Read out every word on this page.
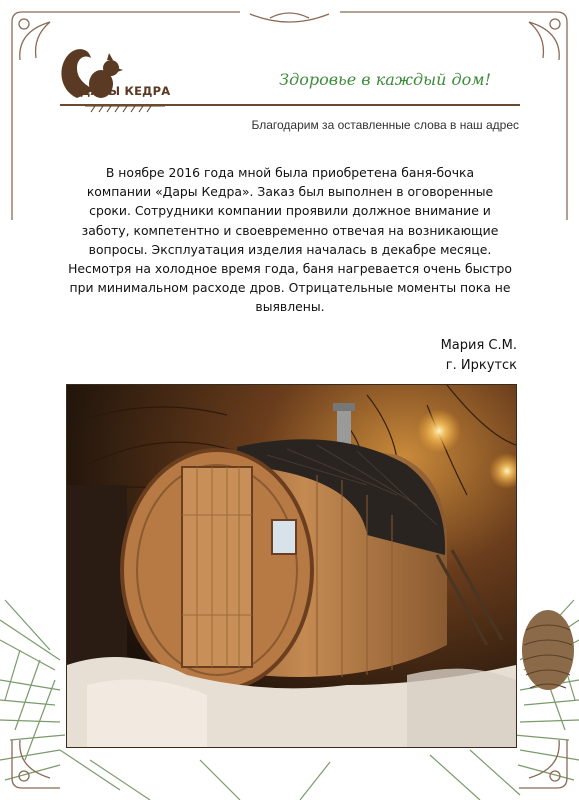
ДАРЫ КЕДРА
Здоровье в каждый дом!
Благодарим за оставленные слова в наш адрес
В ноябре 2016 года мной была приобретена баня-бочка
компании «Дары Кедра». Заказ был выполнен в оговоренные
сроки. Сотрудники компании проявили должное внимание и
заботу, компетентно и своевременно отвечая на возникающие
вопросы. Эксплуатация изделия началась в декабре месяце.
Несмотря на холодное время года, баня нагревается очень быстро
при минимальном расходе дров. Отрицательные моменты пока не
выявлены.
Мария С.М.
г. Иркутск
